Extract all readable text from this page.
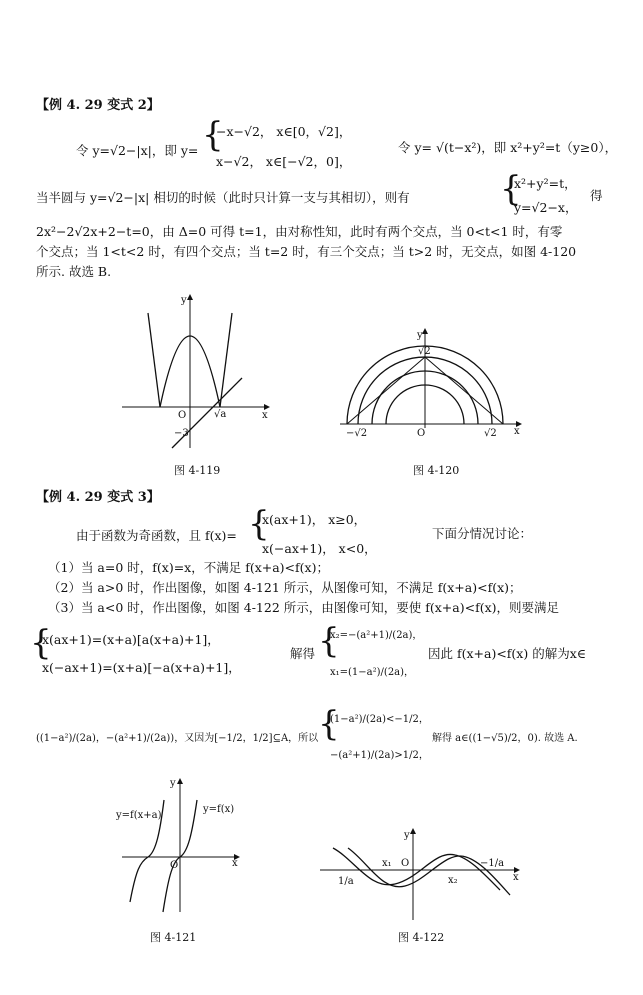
【例 4. 29 变式 2】
令 y=√2−|x|，即 y= {
−x−√2， x∈[0，√2]，
x−√2， x∈[−√2，0]，
令 y= √(t−x²)，即 x²+y²=t（y≥0），
当半圆与 y=√2−|x| 相切的时候（此时只计算一支与其相切），则有	{
x²+y²=t，
y=√2−x，
得
2x²−2√2x+2−t=0，由 Δ=0 可得 t=1，由对称性知，此时有两个交点，当 0<t<1 时，有零
个交点；当 1<t<2 时，有四个交点；当 t=2 时，有三个交点；当 t>2 时，无交点，如图 4-120
所示. 故选 B.
y
x
O	√a
−3
图 4-119
y
x
O
√2
−√2	√2
图 4-120
【例 4. 29 变式 3】
由于函数为奇函数，且 f(x)= {
x(ax+1)， x≥0，
x(−ax+1)， x<0，
下面分情况讨论：
（1）当 a=0 时，f(x)=x，不满足 f(x+a)<f(x)；
（2）当 a>0 时，作出图像，如图 4-121 所示，从图像可知，不满足 f(x+a)<f(x)；
（3）当 a<0 时，作出图像，如图 4-122 所示，由图像可知，要使 f(x+a)<f(x)，则要满足
{
x(ax+1)=(x+a)[a(x+a)+1]，
x(−ax+1)=(x+a)[−a(x+a)+1]，
解得 {
x₂=−(a²+1)/(2a)，
x₁=(1−a²)/(2a)，
因此 f(x+a)<f(x) 的解为x∈
((1−a²)/(2a)，−(a²+1)/(2a))，又因为[−1/2，1/2]⊆A，所以 {
(1−a²)/(2a)<−1/2，
−(a²+1)/(2a)>1/2，
解得 a∈((1−√5)/2，0). 故选 A.
y
x
O
y=f(x+a)
y=f(x)
图 4-121
y
x
O
x₁
x₂
1/a
−1/a
图 4-122
